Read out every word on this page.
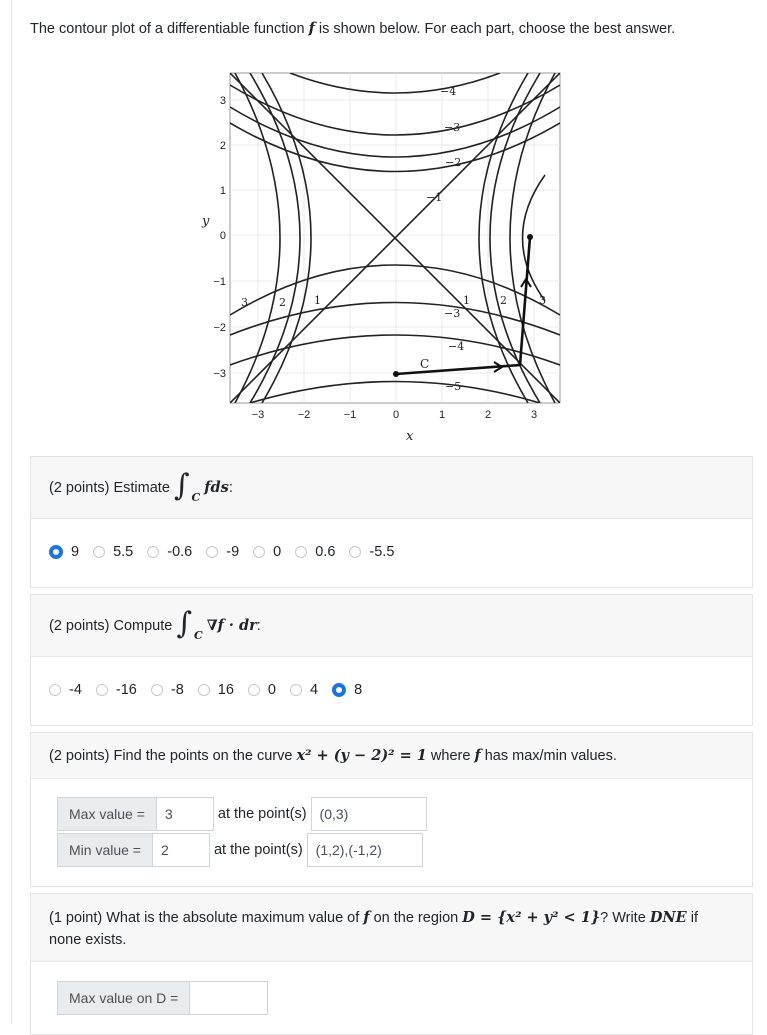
The contour plot of a differentiable function f is shown below. For each part, choose the best answer.
−4
−3
−2
−1
3	2	1
−3
−4
−5
1	2	3
C
3
2
1
0
−1
−2
−3
−3	−2	−1	0	1	2	3
y
x
(2 points) Estimate $\int_C$
fds :
9 5.5 -0.6 -9 0 0.6 -5.5
(2 points) Compute $\int_C$
∇f · dr :
-4 -16 -8 16 0 4 8
(2 points) Find the points on the curve
x² + (y − 2)² = 1
where
f
has max/min values.
Max value =
3	at the point(s)
(0,3)
Min value =
2	at the point(s)
(1,2),(-1,2)
(1 point) What is the absolute maximum value of f on the region D = {x² + y² < 1}? Write DNE if none exists.
Max value on D =
